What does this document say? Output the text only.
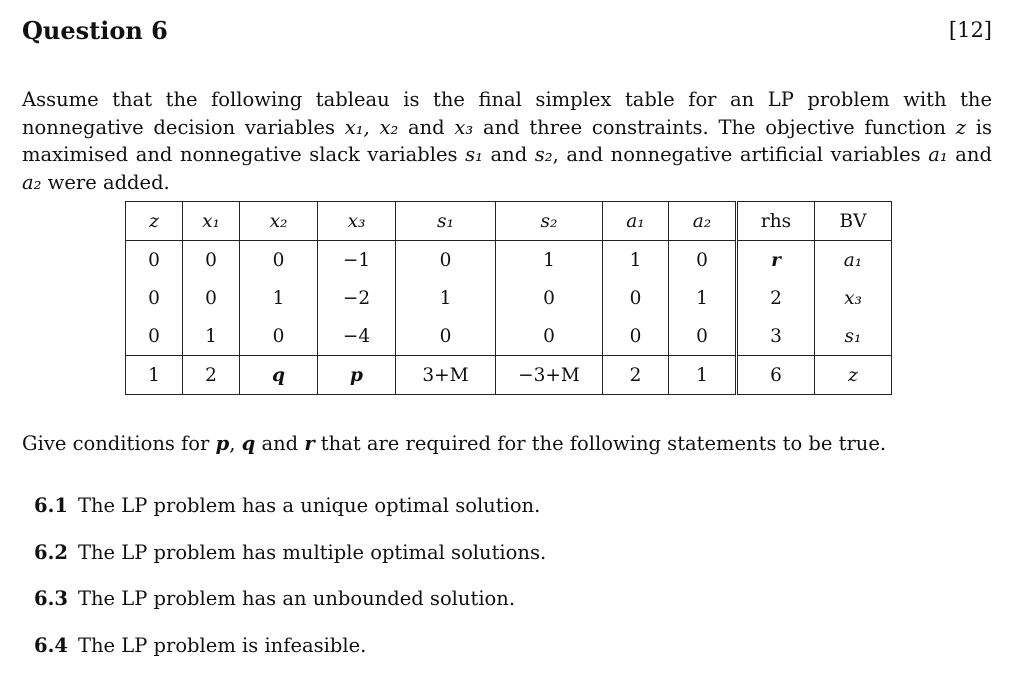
Question 6	[12]

Assume that the following tableau is the final simplex table for an LP problem with the nonnegative decision variables x₁, x₂ and x₃ and three constraints. The objective function z is maximised and nonnegative slack variables s₁ and s₂, and nonnegative artificial variables a₁ and a₂ were added.

z	x₁	x₂	x₃	s₁	s₂	a₁	a₂	rhs	BV
0	0	0	−1	0	1	1	0	r	a₁
0	0	1	−2	1	0	0	1	2	x₃
0	1	0	−4	0	0	0	0	3	s₁
1	2	q	p	3+M	−3+M	2	1	6	z

Give conditions for p, q and r that are required for the following statements to be true.

6.1 The LP problem has a unique optimal solution.
6.2 The LP problem has multiple optimal solutions.
6.3 The LP problem has an unbounded solution.
6.4 The LP problem is infeasible.
